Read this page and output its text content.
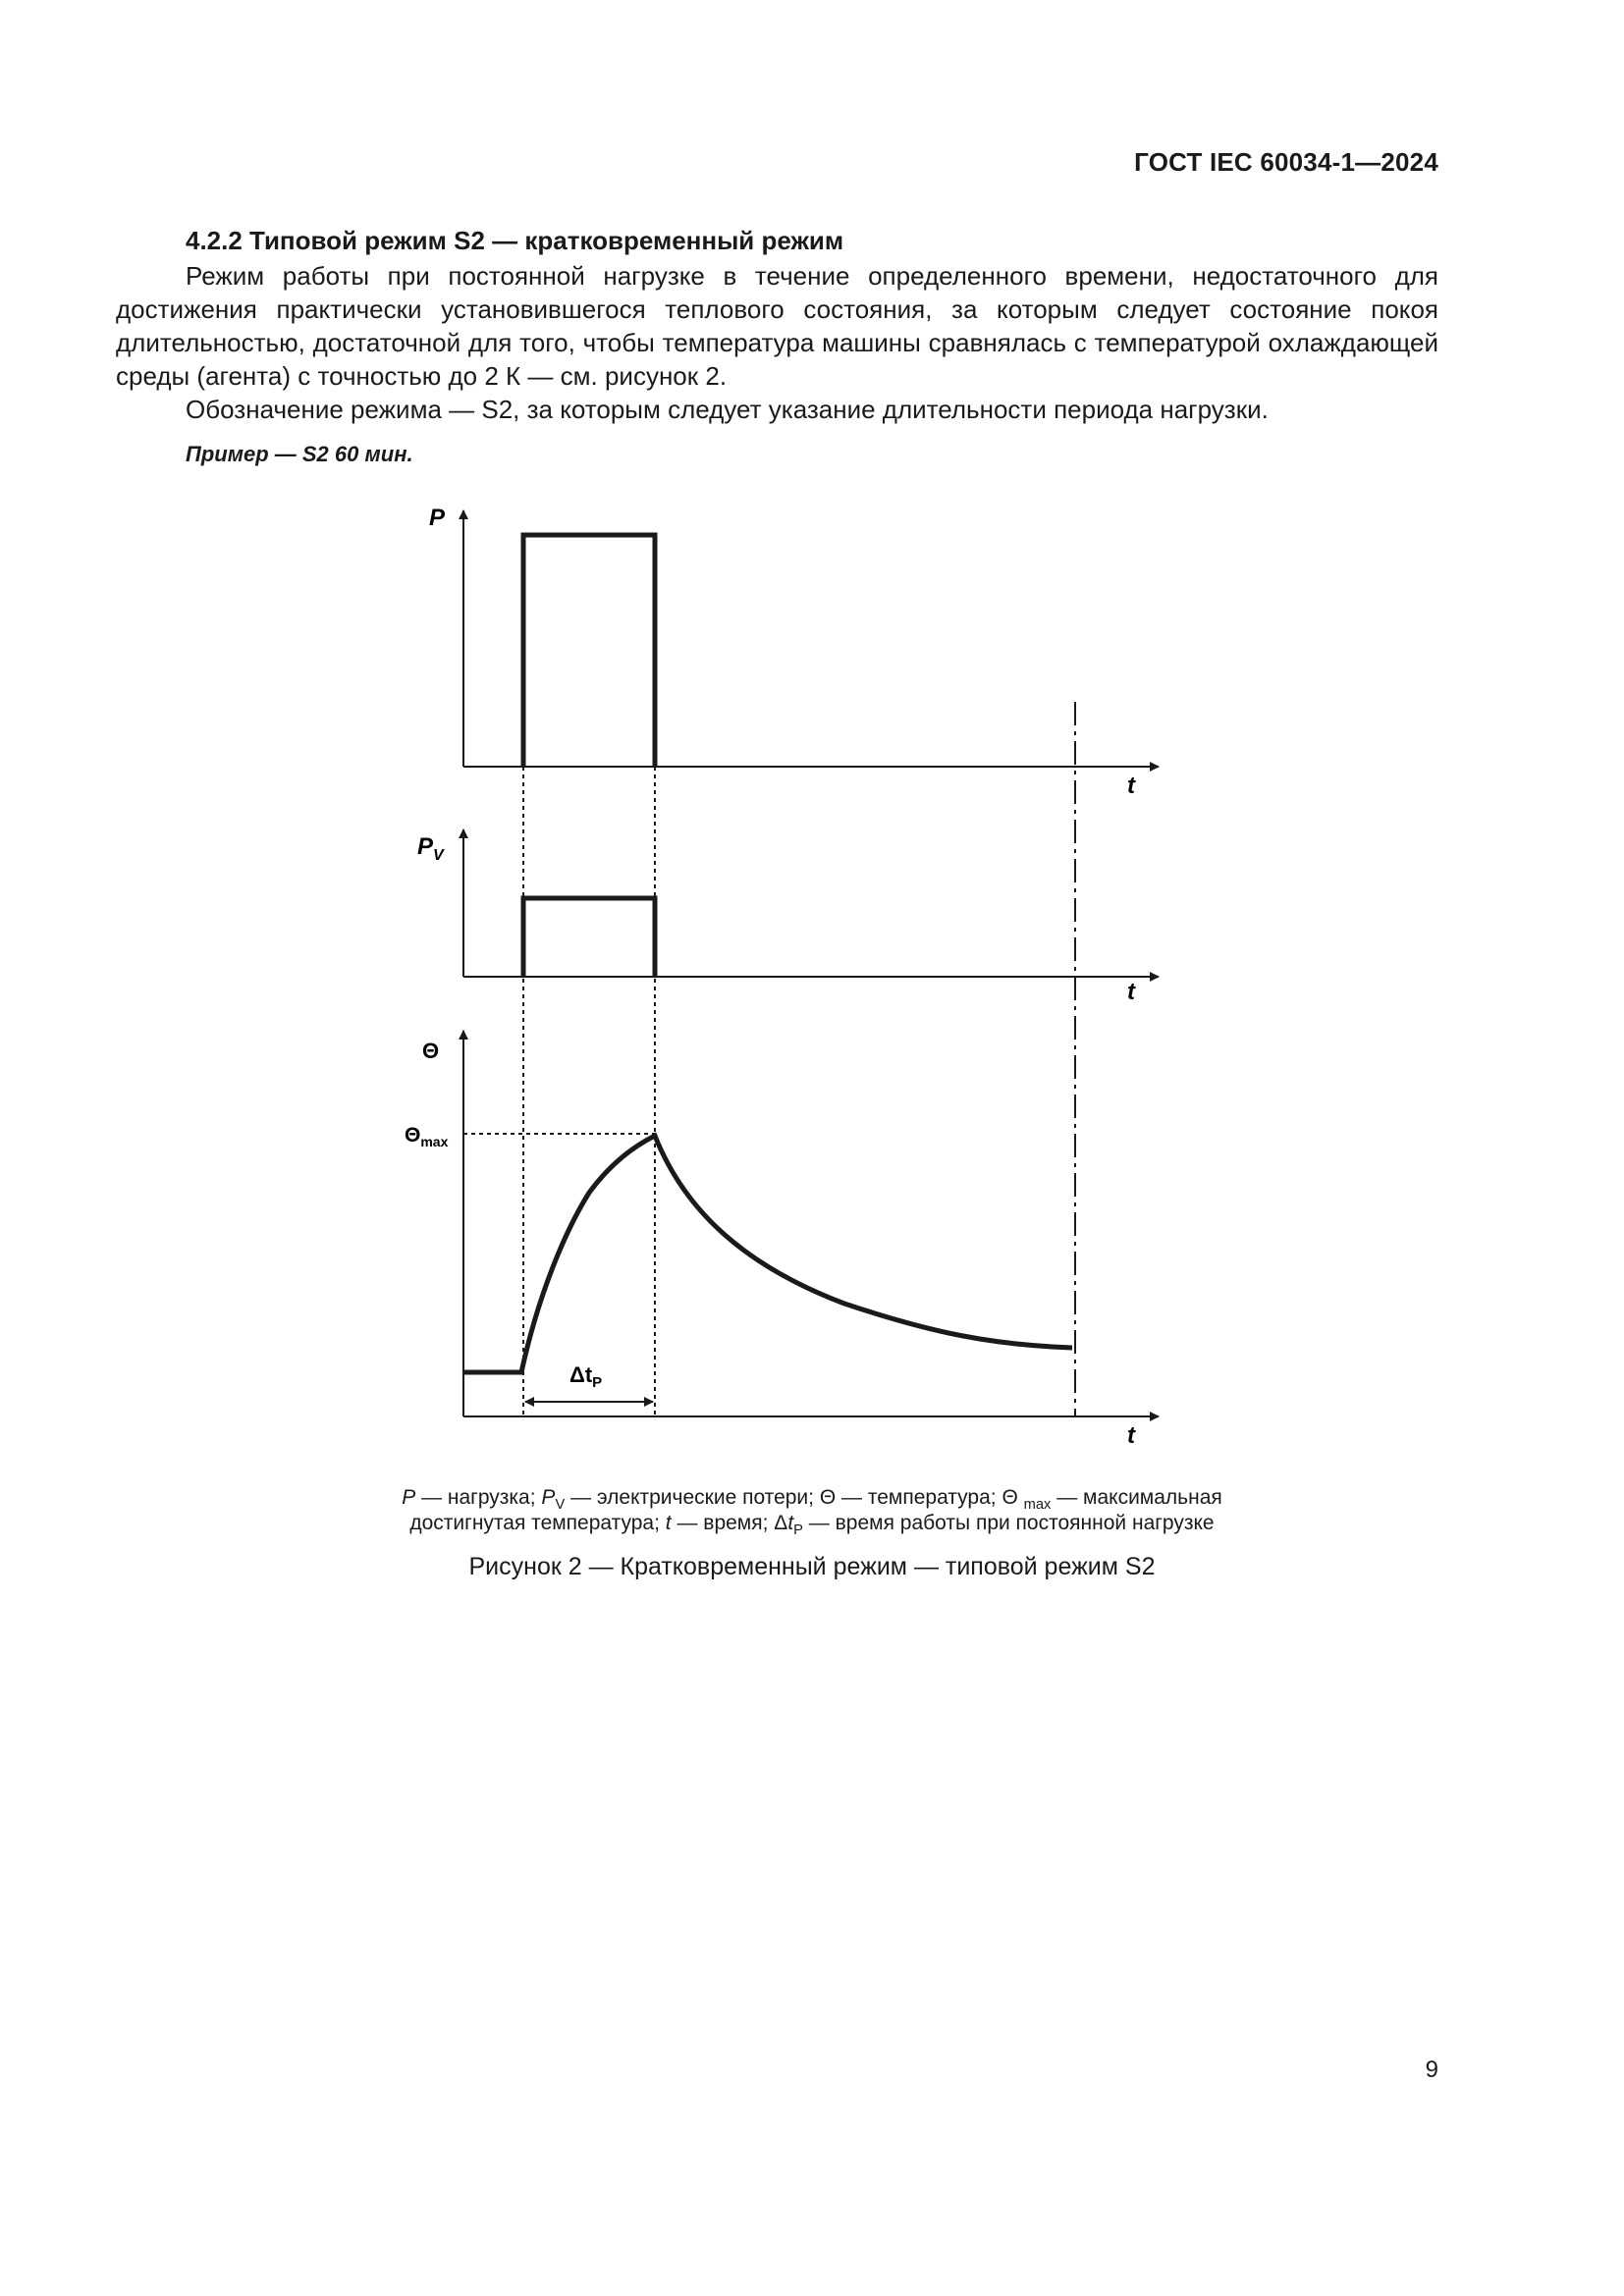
ГОСТ IEC 60034-1—2024
4.2.2 Типовой режим S2 — кратковременный режим
Режим работы при постоянной нагрузке в течение определенного времени, недостаточного для достижения практически установившегося теплового состояния, за которым следует состояние покоя длительностью, достаточной для того, чтобы температура машины сравнялась с температурой охлаждающей среды (агента) с точностью до 2 К — см. рисунок 2.
Обозначение режима — S2, за которым следует указание длительности периода нагрузки.
Пример — S2 60 мин.
P
t
$P_V$
t
Θ
$\Theta_{max}$
$\Delta t_P$
t
P — нагрузка; $P_V$ — электрические потери; Θ — температура; Θ $_{max}$ — максимальная
достигнутая температура; t — время; $\Delta t_P$ — время работы при постоянной нагрузке
Рисунок 2 — Кратковременный режим — типовой режим S2
9
